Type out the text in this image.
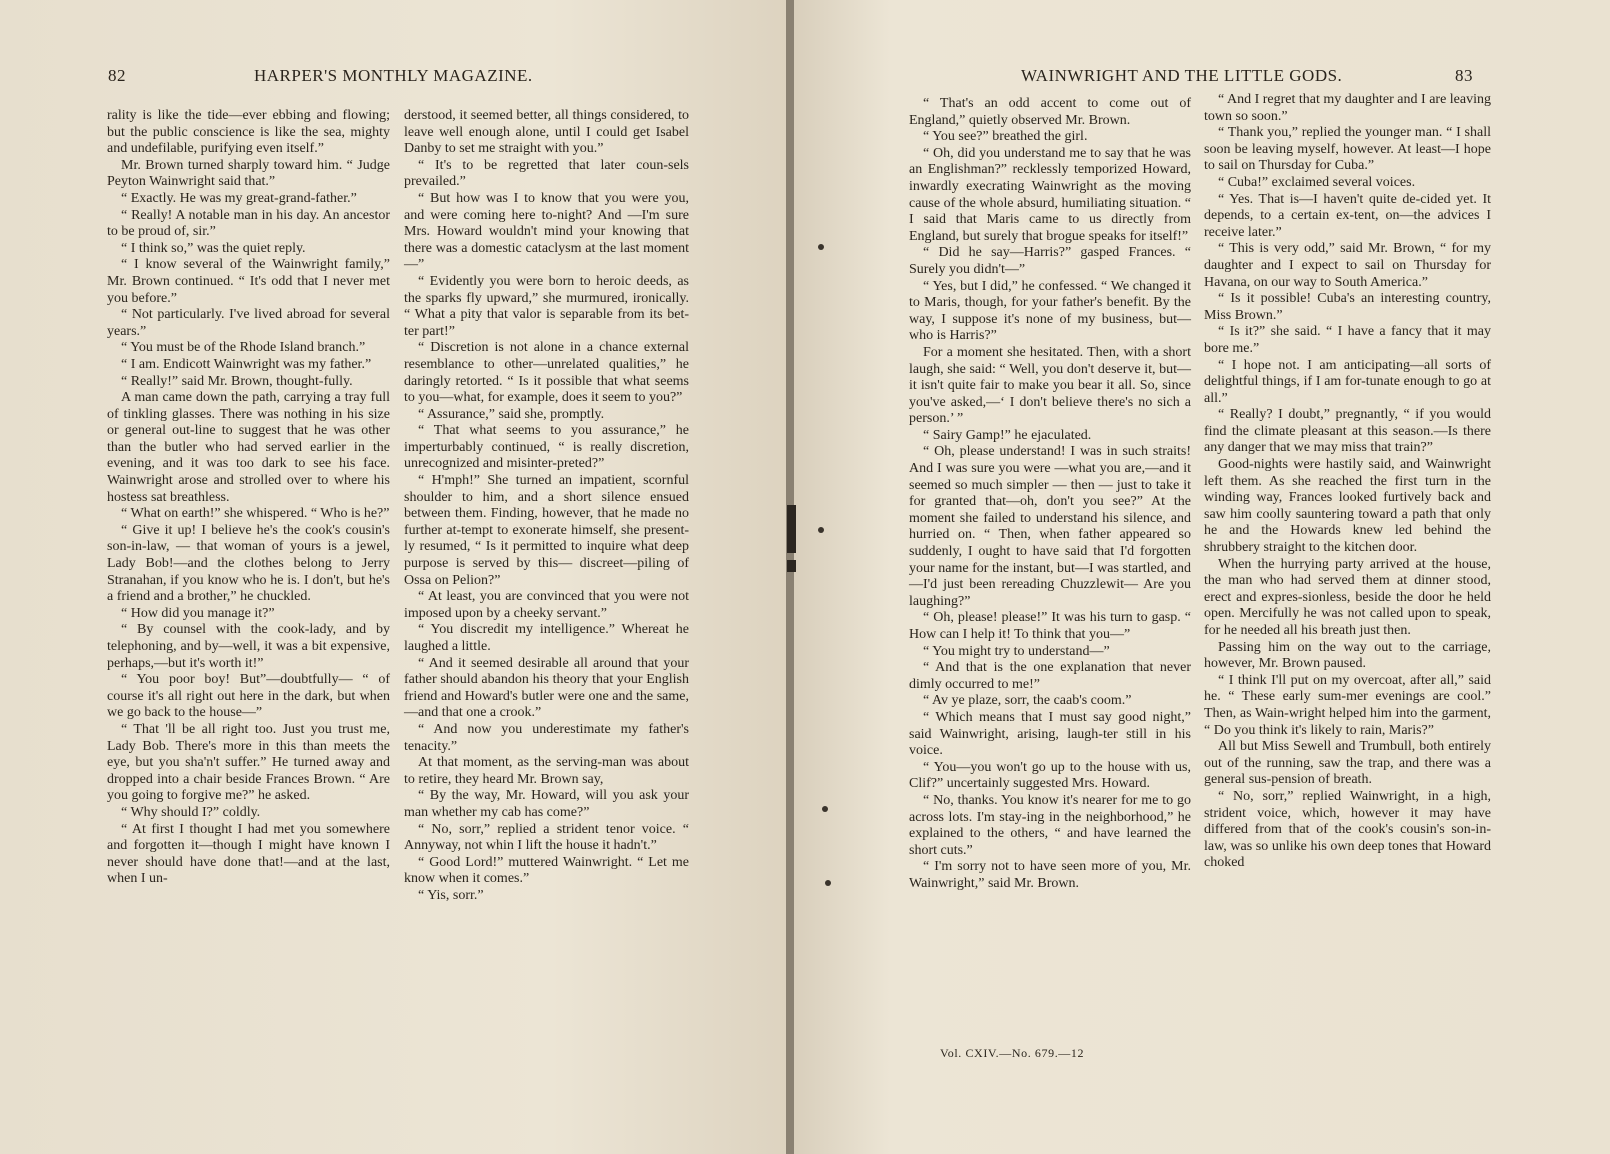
82	HARPER'S MONTHLY MAGAZINE.

rality is like the tide—ever ebbing and flowing; but the public conscience is like the sea, mighty and undefilable, purifying even itself.”

Mr. Brown turned sharply toward him. “ Judge Peyton Wainwright said that.”

“ Exactly. He was my great-grand-father.”

“ Really! A notable man in his day. An ancestor to be proud of, sir.”

“ I think so,” was the quiet reply.

“ I know several of the Wainwright family,” Mr. Brown continued. “ It's odd that I never met you before.”

“ Not particularly. I've lived abroad for several years.”

“ You must be of the Rhode Island branch.”

“ I am. Endicott Wainwright was my father.”

“ Really!” said Mr. Brown, thought-fully.

A man came down the path, carrying a tray full of tinkling glasses. There was nothing in his size or general out-line to suggest that he was other than the butler who had served earlier in the evening, and it was too dark to see his face. Wainwright arose and strolled over to where his hostess sat breathless.

“ What on earth!” she whispered. “ Who is he?”

“ Give it up! I believe he's the cook's cousin's son-in-law, — that woman of yours is a jewel, Lady Bob!—and the clothes belong to Jerry Stranahan, if you know who he is. I don't, but he's a friend and a brother,” he chuckled.

“ How did you manage it?”

“ By counsel with the cook-lady, and by telephoning, and by—well, it was a bit expensive, perhaps,—but it's worth it!”

“ You poor boy! But”—doubtfully— “ of course it's all right out here in the dark, but when we go back to the house—”

“ That 'll be all right too. Just you trust me, Lady Bob. There's more in this than meets the eye, but you sha'n't suffer.” He turned away and dropped into a chair beside Frances Brown. “ Are you going to forgive me?” he asked.

“ Why should I?” coldly.

“ At first I thought I had met you somewhere and forgotten it—though I might have known I never should have done that!—and at the last, when I un-

derstood, it seemed better, all things considered, to leave well enough alone, until I could get Isabel Danby to set me straight with you.”

“ It's to be regretted that later coun-sels prevailed.”

“ But how was I to know that you were you, and were coming here to-night? And —I'm sure Mrs. Howard wouldn't mind your knowing that there was a domestic cataclysm at the last moment—”

“ Evidently you were born to heroic deeds, as the sparks fly upward,” she murmured, ironically. “ What a pity that valor is separable from its bet-ter part!”

“ Discretion is not alone in a chance external resemblance to other—unrelated qualities,” he daringly retorted. “ Is it possible that what seems to you—what, for example, does it seem to you?”

“ Assurance,” said she, promptly.

“ That what seems to you assurance,” he imperturbably continued, “ is really discretion, unrecognized and misinter-preted?”

“ H'mph!” She turned an impatient, scornful shoulder to him, and a short silence ensued between them. Finding, however, that he made no further at-tempt to exonerate himself, she present-ly resumed, “ Is it permitted to inquire what deep purpose is served by this— discreet—piling of Ossa on Pelion?”

“ At least, you are convinced that you were not imposed upon by a cheeky servant.”

“ You discredit my intelligence.” Whereat he laughed a little.

“ And it seemed desirable all around that your father should abandon his theory that your English friend and Howard's butler were one and the same, —and that one a crook.”

“ And now you underestimate my father's tenacity.”

At that moment, as the serving-man was about to retire, they heard Mr. Brown say,

“ By the way, Mr. Howard, will you ask your man whether my cab has come?”

“ No, sorr,” replied a strident tenor voice. “ Annyway, not whin I lift the house it hadn't.”

“ Good Lord!” muttered Wainwright. “ Let me know when it comes.”

“ Yis, sorr.”

WAINWRIGHT AND THE LITTLE GODS.	83

“ That's an odd accent to come out of England,” quietly observed Mr. Brown.

“ You see?” breathed the girl.

“ Oh, did you understand me to say that he was an Englishman?” recklessly temporized Howard, inwardly execrating Wainwright as the moving cause of the whole absurd, humiliating situation. “ I said that Maris came to us directly from England, but surely that brogue speaks for itself!”

“ Did he say—Harris?” gasped Frances. “ Surely you didn't—”

“ Yes, but I did,” he confessed. “ We changed it to Maris, though, for your father's benefit. By the way, I suppose it's none of my business, but— who is Harris?”

For a moment she hesitated. Then, with a short laugh, she said: “ Well, you don't deserve it, but—it isn't quite fair to make you bear it all. So, since you've asked,—‘ I don't believe there's no sich a person.’ ”

“ Sairy Gamp!” he ejaculated.

“ Oh, please understand! I was in such straits! And I was sure you were —what you are,—and it seemed so much simpler — then — just to take it for granted that—oh, don't you see?” At the moment she failed to understand his silence, and hurried on. “ Then, when father appeared so suddenly, I ought to have said that I'd forgotten your name for the instant, but—I was startled, and—I'd just been rereading Chuzzlewit— Are you laughing?”

“ Oh, please! please!” It was his turn to gasp. “ How can I help it! To think that you—”

“ You might try to understand—”

“ And that is the one explanation that never dimly occurred to me!”

“ Av ye plaze, sorr, the caab's coom.”

“ Which means that I must say good night,” said Wainwright, arising, laugh-ter still in his voice.

“ You—you won't go up to the house with us, Clif?” uncertainly suggested Mrs. Howard.

“ No, thanks. You know it's nearer for me to go across lots. I'm stay-ing in the neighborhood,” he explained to the others, “ and have learned the short cuts.”

“ I'm sorry not to have seen more of you, Mr. Wainwright,” said Mr. Brown.

“ And I regret that my daughter and I are leaving town so soon.”

“ Thank you,” replied the younger man. “ I shall soon be leaving myself, however. At least—I hope to sail on Thursday for Cuba.”

“ Cuba!” exclaimed several voices.

“ Yes. That is—I haven't quite de-cided yet. It depends, to a certain ex-tent, on—the advices I receive later.”

“ This is very odd,” said Mr. Brown, “ for my daughter and I expect to sail on Thursday for Havana, on our way to South America.”

“ Is it possible! Cuba's an interesting country, Miss Brown.”

“ Is it?” she said. “ I have a fancy that it may bore me.”

“ I hope not. I am anticipating—all sorts of delightful things, if I am for-tunate enough to go at all.”

“ Really? I doubt,” pregnantly, “ if you would find the climate pleasant at this season.—Is there any danger that we may miss that train?”

Good-nights were hastily said, and Wainwright left them. As she reached the first turn in the winding way, Frances looked furtively back and saw him coolly sauntering toward a path that only he and the Howards knew led behind the shrubbery straight to the kitchen door.

When the hurrying party arrived at the house, the man who had served them at dinner stood, erect and expres-sionless, beside the door he held open. Mercifully he was not called upon to speak, for he needed all his breath just then.

Passing him on the way out to the carriage, however, Mr. Brown paused.

“ I think I'll put on my overcoat, after all,” said he. “ These early sum-mer evenings are cool.” Then, as Wain-wright helped him into the garment, “ Do you think it's likely to rain, Maris?”

All but Miss Sewell and Trumbull, both entirely out of the running, saw the trap, and there was a general sus-pension of breath.

“ No, sorr,” replied Wainwright, in a high, strident voice, which, however it may have differed from that of the cook's cousin's son-in-law, was so unlike his own deep tones that Howard choked

Vol. CXIV.—No. 679.—12
